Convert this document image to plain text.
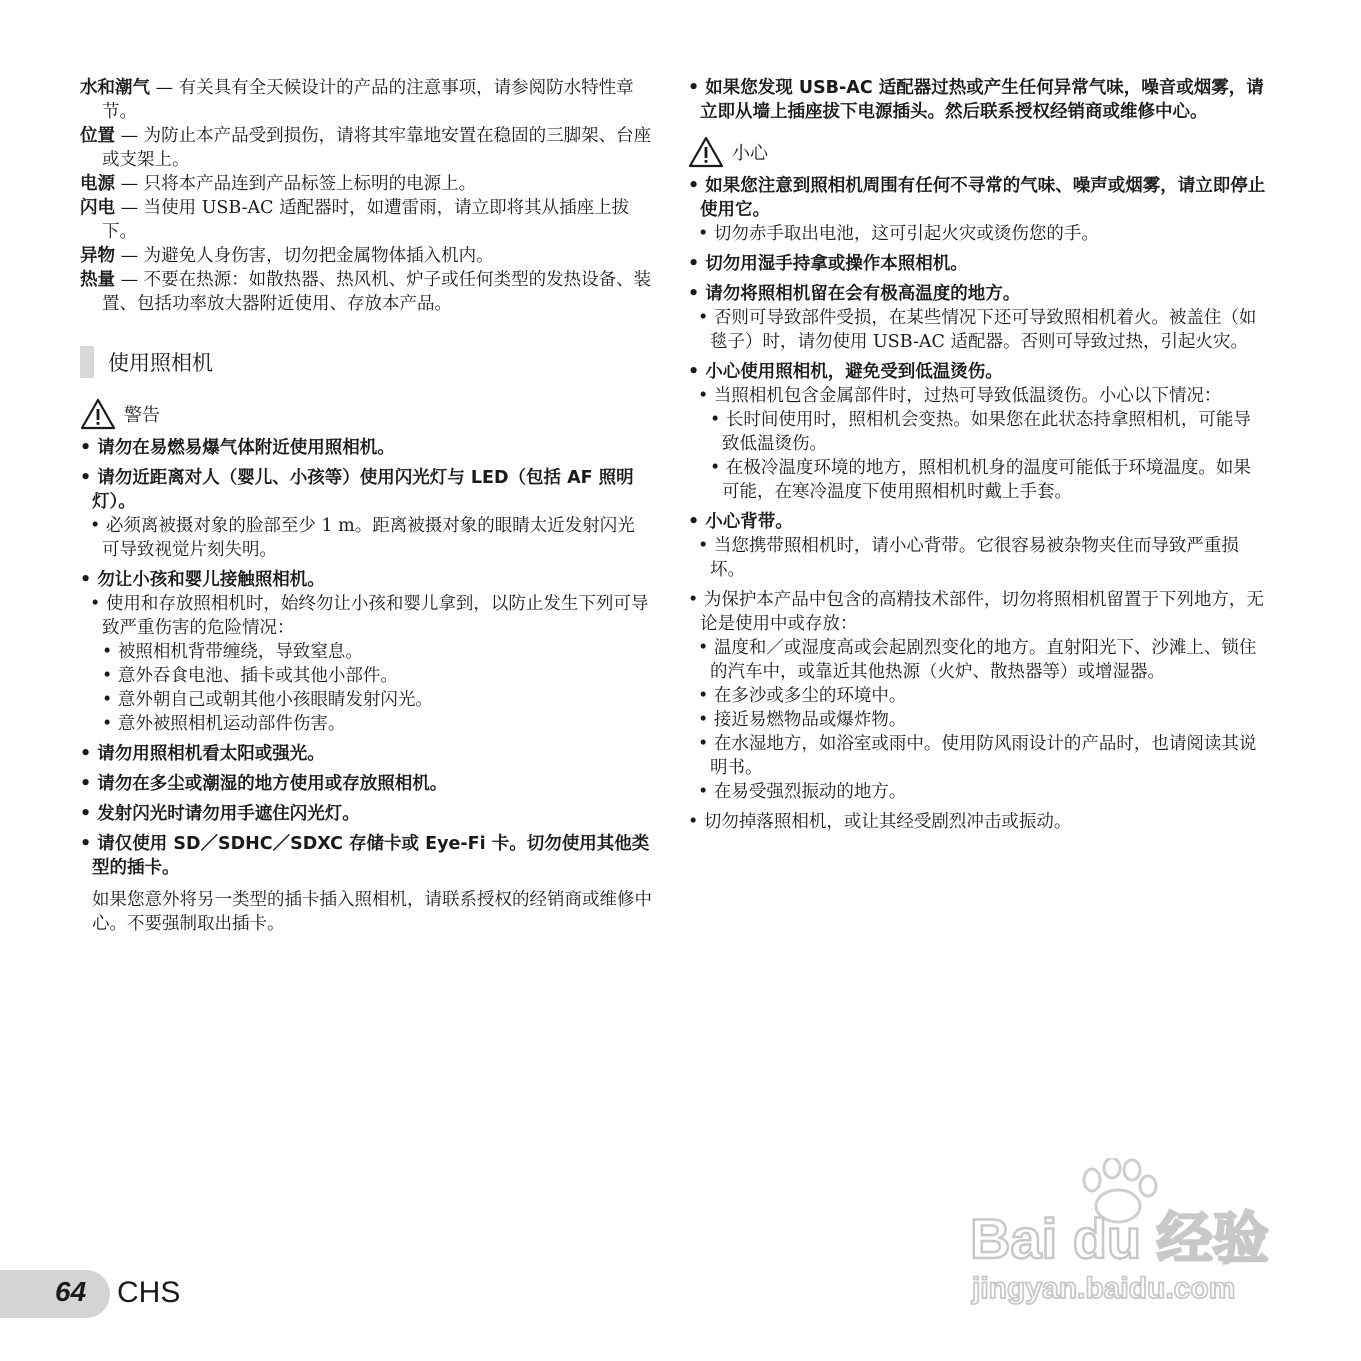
水和潮气 — 有关具有全天候设计的产品的注意事项，请参阅防水特性章节。
位置 — 为防止本产品受到损伤，请将其牢靠地安置在稳固的三脚架、台座或支架上。
电源 — 只将本产品连到产品标签上标明的电源上。
闪电 — 当使用 USB-AC 适配器时，如遭雷雨，请立即将其从插座上拔下。
异物 — 为避免人身伤害，切勿把金属物体插入机内。
热量 — 不要在热源：如散热器、热风机、炉子或任何类型的发热设备、装置、包括功率放大器附近使用、存放本产品。
使用照相机
警告
• 请勿在易燃易爆气体附近使用照相机。
• 请勿近距离对人（婴儿、小孩等）使用闪光灯与 LED（包括 AF 照明灯）。
• 必须离被摄对象的脸部至少 1 m。距离被摄对象的眼睛太近发射闪光可导致视觉片刻失明。
• 勿让小孩和婴儿接触照相机。
• 使用和存放照相机时，始终勿让小孩和婴儿拿到，以防止发生下列可导致严重伤害的危险情况：
• 被照相机背带缠绕，导致窒息。
• 意外吞食电池、插卡或其他小部件。
• 意外朝自己或朝其他小孩眼睛发射闪光。
• 意外被照相机运动部件伤害。
• 请勿用照相机看太阳或强光。
• 请勿在多尘或潮湿的地方使用或存放照相机。
• 发射闪光时请勿用手遮住闪光灯。
• 请仅使用 SD／SDHC／SDXC 存储卡或 Eye-Fi 卡。切勿使用其他类型的插卡。
如果您意外将另一类型的插卡插入照相机，请联系授权的经销商或维修中心。不要强制取出插卡。
• 如果您发现 USB-AC 适配器过热或产生任何异常气味，噪音或烟雾，请立即从墙上插座拔下电源插头。然后联系授权经销商或维修中心。
小心
• 如果您注意到照相机周围有任何不寻常的气味、噪声或烟雾，请立即停止使用它。
• 切勿赤手取出电池，这可引起火灾或烫伤您的手。
• 切勿用湿手持拿或操作本照相机。
• 请勿将照相机留在会有极高温度的地方。
• 否则可导致部件受损，在某些情况下还可导致照相机着火。被盖住（如毯子）时，请勿使用 USB-AC 适配器。否则可导致过热，引起火灾。
• 小心使用照相机，避免受到低温烫伤。
• 当照相机包含金属部件时，过热可导致低温烫伤。小心以下情况：
• 长时间使用时，照相机会变热。如果您在此状态持拿照相机，可能导致低温烫伤。
• 在极冷温度环境的地方，照相机机身的温度可能低于环境温度。如果可能，在寒冷温度下使用照相机时戴上手套。
• 小心背带。
• 当您携带照相机时，请小心背带。它很容易被杂物夹住而导致严重损坏。
• 为保护本产品中包含的高精技术部件，切勿将照相机留置于下列地方，无论是使用中或存放：
• 温度和／或湿度高或会起剧烈变化的地方。直射阳光下、沙滩上、锁住的汽车中，或靠近其他热源（火炉、散热器等）或增湿器。
• 在多沙或多尘的环境中。
• 接近易燃物品或爆炸物。
• 在水湿地方，如浴室或雨中。使用防风雨设计的产品时，也请阅读其说明书。
• 在易受强烈振动的地方。
• 切勿掉落照相机，或让其经受剧烈冲击或振动。
Bai du 经验
jingyan.baidu.com
64 CHS
